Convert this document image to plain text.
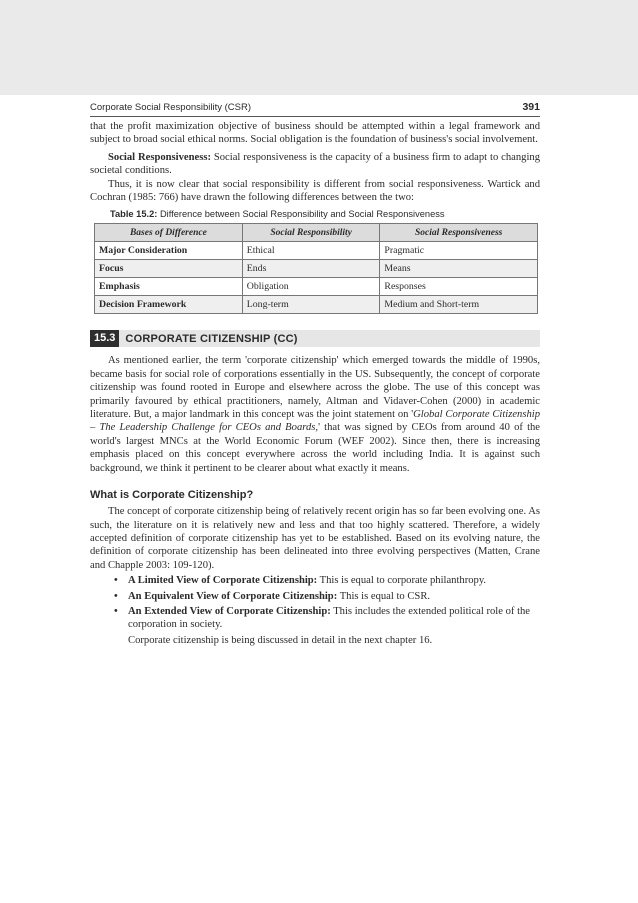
Corporate Social Responsibility (CSR)	391

that the profit maximization objective of business should be attempted within a legal framework and subject to broad social ethical norms. Social obligation is the foundation of business's social involvement.

Social Responsiveness: Social responsiveness is the capacity of a business firm to adapt to changing societal conditions.

Thus, it is now clear that social responsibility is different from social responsiveness. Wartick and Cochran (1985: 766) have drawn the following differences between the two:

Table 15.2: Difference between Social Responsibility and Social Responsiveness
Bases of Difference	Social Responsibility	Social Responsiveness
Major Consideration	Ethical	Pragmatic
Focus	Ends	Means
Emphasis	Obligation	Responses
Decision Framework	Long-term	Medium and Short-term
15.3 CORPORATE CITIZENSHIP (CC)

As mentioned earlier, the term 'corporate citizenship' which emerged towards the middle of 1990s, became basis for social role of corporations essentially in the US. Subsequently, the concept of corporate citizenship was found rooted in Europe and elsewhere across the globe. The use of this concept was primarily favoured by ethical practitioners, namely, Altman and Vidaver-Cohen (2000) in academic literature. But, a major landmark in this concept was the joint statement on 'Global Corporate Citizenship – The Leadership Challenge for CEOs and Boards,' that was signed by CEOs from around 40 of the world's largest MNCs at the World Economic Forum (WEF 2002). Since then, there is increasing emphasis placed on this concept everywhere across the world including India. It is against such background, we think it pertinent to be clearer about what exactly it means.

What is Corporate Citizenship?

The concept of corporate citizenship being of relatively recent origin has so far been evolving one. As such, the literature on it is relatively new and less and that too highly scattered. Therefore, a widely accepted definition of corporate citizenship has yet to be established. Based on its evolving nature, the definition of corporate citizenship has been delineated into three evolving perspectives (Matten, Crane and Chapple 2003: 109-120).

• A Limited View of Corporate Citizenship: This is equal to corporate philanthropy.
• An Equivalent View of Corporate Citizenship: This is equal to CSR.
• An Extended View of Corporate Citizenship: This includes the extended political role of the corporation in society.

Corporate citizenship is being discussed in detail in the next chapter 16.
